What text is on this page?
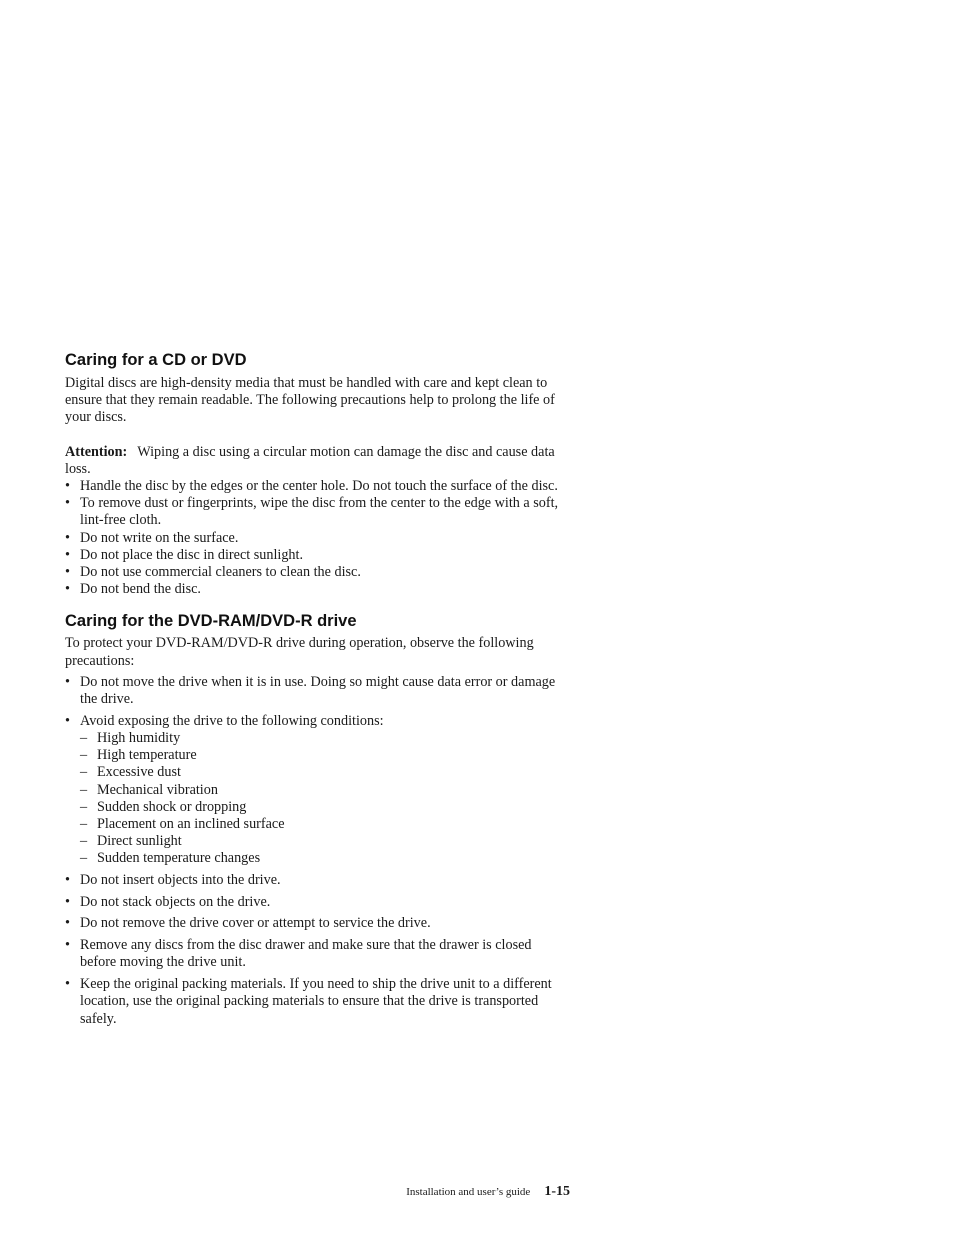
Caring for a CD or DVD

Digital discs are high-density media that must be handled with care and kept clean to ensure that they remain readable. The following precautions help to prolong the life of your discs.

Attention: Wiping a disc using a circular motion can damage the disc and cause data loss.

• Handle the disc by the edges or the center hole. Do not touch the surface of the disc.
• To remove dust or fingerprints, wipe the disc from the center to the edge with a soft, lint-free cloth.
• Do not write on the surface.
• Do not place the disc in direct sunlight.
• Do not use commercial cleaners to clean the disc.
• Do not bend the disc.
Caring for the DVD-RAM/DVD-R drive

To protect your DVD-RAM/DVD-R drive during operation, observe the following precautions:

• Do not move the drive when it is in use. Doing so might cause data error or damage the drive.
• Avoid exposing the drive to the following conditions:
– High humidity
– High temperature
– Excessive dust
– Mechanical vibration
– Sudden shock or dropping
– Placement on an inclined surface
– Direct sunlight
– Sudden temperature changes
• Do not insert objects into the drive.
• Do not stack objects on the drive.
• Do not remove the drive cover or attempt to service the drive.
• Remove any discs from the disc drawer and make sure that the drawer is closed before moving the drive unit.
• Keep the original packing materials. If you need to ship the drive unit to a different location, use the original packing materials to ensure that the drive is transported safely.
Installation and user’s guide 1-15
